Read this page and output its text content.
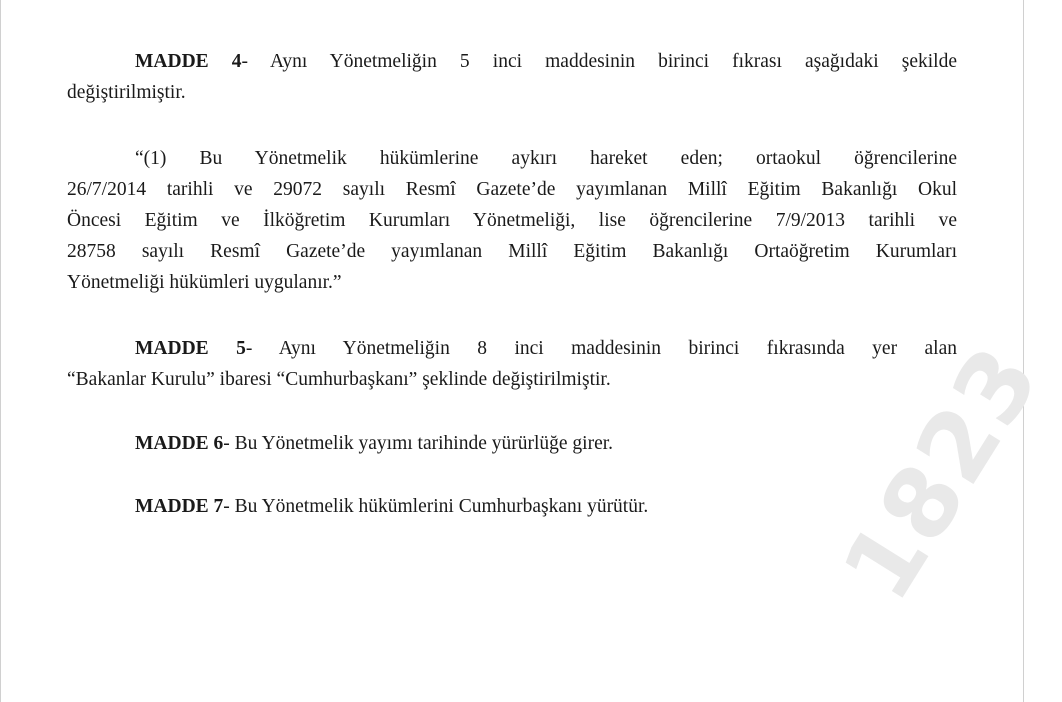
MADDE 4- Aynı Yönetmeliğin 5 inci maddesinin birinci fıkrası aşağıdaki şekilde
değiştirilmiştir.
“(1) Bu Yönetmelik hükümlerine aykırı hareket eden; ortaokul öğrencilerine
26/7/2014 tarihli ve 29072 sayılı Resmî Gazete’de yayımlanan Millî Eğitim Bakanlığı Okul
Öncesi Eğitim ve İlköğretim Kurumları Yönetmeliği, lise öğrencilerine 7/9/2013 tarihli ve
28758 sayılı Resmî Gazete’de yayımlanan Millî Eğitim Bakanlığı Ortaöğretim Kurumları
Yönetmeliği hükümleri uygulanır.”
MADDE 5- Aynı Yönetmeliğin 8 inci maddesinin birinci fıkrasında yer alan
“Bakanlar Kurulu” ibaresi “Cumhurbaşkanı” şeklinde değiştirilmiştir.
MADDE 6- Bu Yönetmelik yayımı tarihinde yürürlüğe girer.
MADDE 7- Bu Yönetmelik hükümlerini Cumhurbaşkanı yürütür.	1823
